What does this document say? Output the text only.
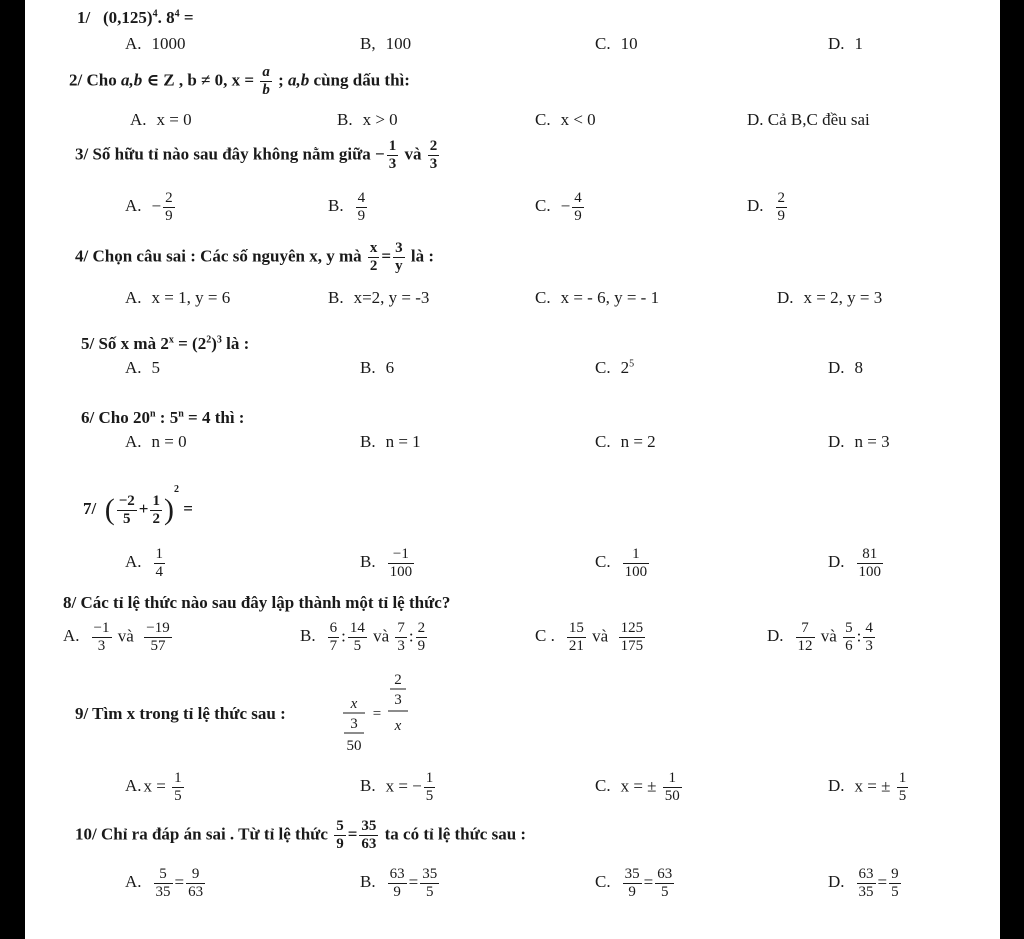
1/ $(0,125)^4$. $8^4$ =
A. 1000	B, 100	C. 10	D. 1
2/ Cho a,b ∈ Z , b ≠ 0, $x = \frac{a}{b}$ ; a,b cùng dấu thì:
A. x = 0	B. x > 0	C. x < 0	D. Cả B,C đều sai
3/ Số hữu tỉ nào sau đây không nằm giữa − $\frac{1}{3}$ và $\frac{2}{3}$
A. − $\frac{2}{9}$	B. $\frac{4}{9}$	C. − $\frac{4}{9}$	D. $\frac{2}{9}$
4/ Chọn câu sai : Các số nguyên x, y mà $\frac{x}{2} = \frac{3}{y}$ là :
A. x = 1, y = 6	B. x=2, y = -3	C. x = - 6, y = - 1	D. x = 2, y = 3
5/ Số x mà $2^x = (2^2)^3$ là :
A. 5	B. 6	C. $2^5$	D. 8
6/ Cho 20$^n$ : $5^n = 4$ thì :
A. n = 0	B. n = 1	C. n = 2	D. n = 3
7/ ( $\frac{-2}{5} + \frac{1}{2} )^2$ =
A. $\frac{1}{4}$	B. $\frac{-1}{100}$	C. $\frac{1}{100}$	D. $\frac{81}{100}$
8/ Các tỉ lệ thức nào sau đây lập thành một tỉ lệ thức?
A. $\frac{-1}{3}$ và $\frac{-19}{57}$	B. $\frac{6}{7}$ : $\frac{14}{5}$ và $\frac{7}{3}$ : $\frac{2}{9}$	C . $\frac{15}{21}$ và $\frac{125}{175}$	D. $\frac{7}{12}$ và $\frac{5}{6}$ : $\frac{4}{3}$
9/ Tìm x trong tỉ lệ thức sau :	x
3
50
=
2
3
x
A. $x = \frac{1}{5}$	B. x = − $\frac{1}{5}$	C. x = ± $\frac{1}{50}$	D. x = ± $\frac{1}{5}$
10/ Chỉ ra đáp án sai . Từ tỉ lệ thức $\frac{5}{9} = \frac{35}{63}$ ta có tỉ lệ thức sau :
A. $\frac{5}{35} = \frac{9}{63}$	B. $\frac{63}{9} = \frac{35}{5}$	C. $\frac{35}{9} = \frac{63}{5}$	D. $\frac{63}{35} = \frac{9}{5}$
